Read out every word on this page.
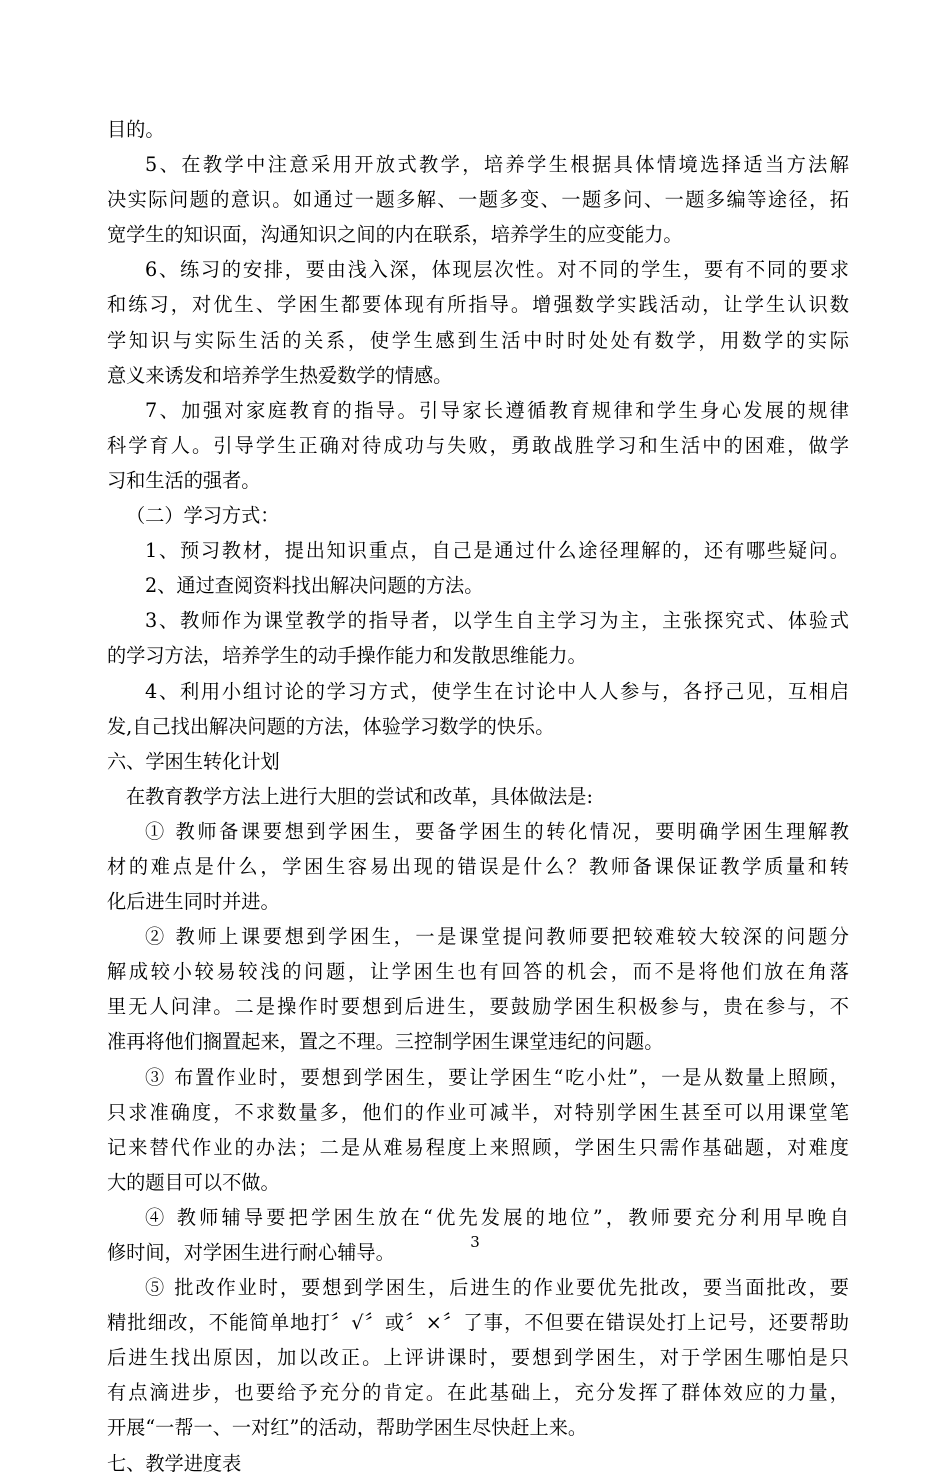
目的。
5、在教学中注意采用开放式教学，培养学生根据具体情境选择适当方法解
决实际问题的意识。如通过一题多解、一题多变、一题多问、一题多编等途径，拓
宽学生的知识面，沟通知识之间的内在联系，培养学生的应变能力。
6、练习的安排，要由浅入深，体现层次性。对不同的学生，要有不同的要求
和练习，对优生、学困生都要体现有所指导。增强数学实践活动，让学生认识数
学知识与实际生活的关系，使学生感到生活中时时处处有数学，用数学的实际
意义来诱发和培养学生热爱数学的情感。
7、加强对家庭教育的指导。引导家长遵循教育规律和学生身心发展的规律
科学育人。引导学生正确对待成功与失败，勇敢战胜学习和生活中的困难，做学
习和生活的强者。
（二）学习方式：
1、预习教材，提出知识重点，自己是通过什么途径理解的，还有哪些疑问。
2、通过查阅资料找出解决问题的方法。
3、教师作为课堂教学的指导者，以学生自主学习为主，主张探究式、体验式
的学习方法，培养学生的动手操作能力和发散思维能力。
4、利用小组讨论的学习方式，使学生在讨论中人人参与，各抒己见，互相启
发,自己找出解决问题的方法，体验学习数学的快乐。
六、学困生转化计划
在教育教学方法上进行大胆的尝试和改革，具体做法是:
① 教师备课要想到学困生，要备学困生的转化情况，要明确学困生理解教
材的难点是什么，学困生容易出现的错误是什么？教师备课保证教学质量和转
化后进生同时并进。
② 教师上课要想到学困生，一是课堂提问教师要把较难较大较深的问题分
解成较小较易较浅的问题，让学困生也有回答的机会，而不是将他们放在角落
里无人问津。二是操作时要想到后进生，要鼓励学困生积极参与，贵在参与，不
准再将他们搁置起来，置之不理。三控制学困生课堂违纪的问题。
③ 布置作业时，要想到学困生，要让学困生“吃小灶”，一是从数量上照顾，
只求准确度，不求数量多，他们的作业可减半，对特别学困生甚至可以用课堂笔
记来替代作业的办法；二是从难易程度上来照顾，学困生只需作基础题，对难度
大的题目可以不做。
④ 教师辅导要把学困生放在“优先发展的地位”，教师要充分利用早晚自
修时间，对学困生进行耐心辅导。
⑤ 批改作业时，要想到学困生，后进生的作业要优先批改，要当面批改，要
精批细改，不能简单地打〞√〞或〞×〞了事，不但要在错误处打上记号，还要帮助
后进生找出原因，加以改正。上评讲课时，要想到学困生，对于学困生哪怕是只
有点滴进步，也要给予充分的肯定。在此基础上，充分发挥了群体效应的力量，
开展“一帮一、一对红”的活动，帮助学困生尽快赶上来。
七、教学进度表
3
